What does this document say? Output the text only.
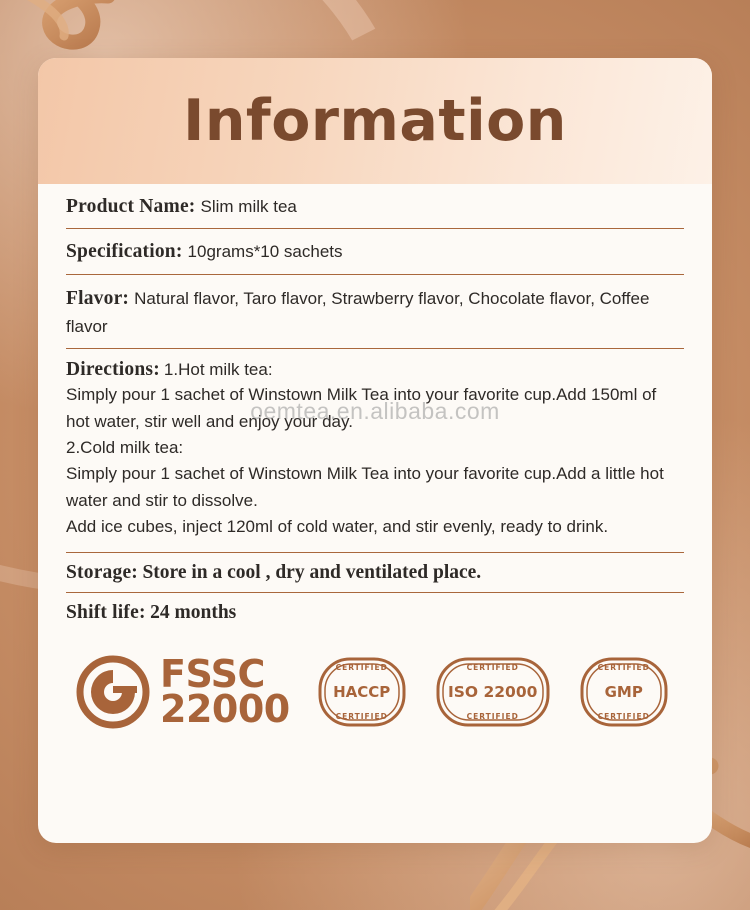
Information
Product Name: Slim milk tea
Specification: 10grams*10 sachets
Flavor: Natural flavor, Taro flavor, Strawberry flavor, Chocolate flavor, Coffee flavor
Directions: 1.Hot milk tea:
Simply pour 1 sachet of Winstown Milk Tea into your favorite cup.Add 150ml of hot water, stir well and enjoy your day.
2.Cold milk tea:
Simply pour 1 sachet of Winstown Milk Tea into your favorite cup.Add a little hot water and stir to dissolve.
Add ice cubes, inject 120ml of cold water, and stir evenly, ready to drink.
Storage: Store in a cool , dry and ventilated place.
Shift life: 24 months
FSSC
22000
CERTIFIED
HACCP
CERTIFIED
CERTIFIED
ISO 22000
CERTIFIED
CERTIFIED
GMP
CERTIFIED
oemtea.en.alibaba.com
